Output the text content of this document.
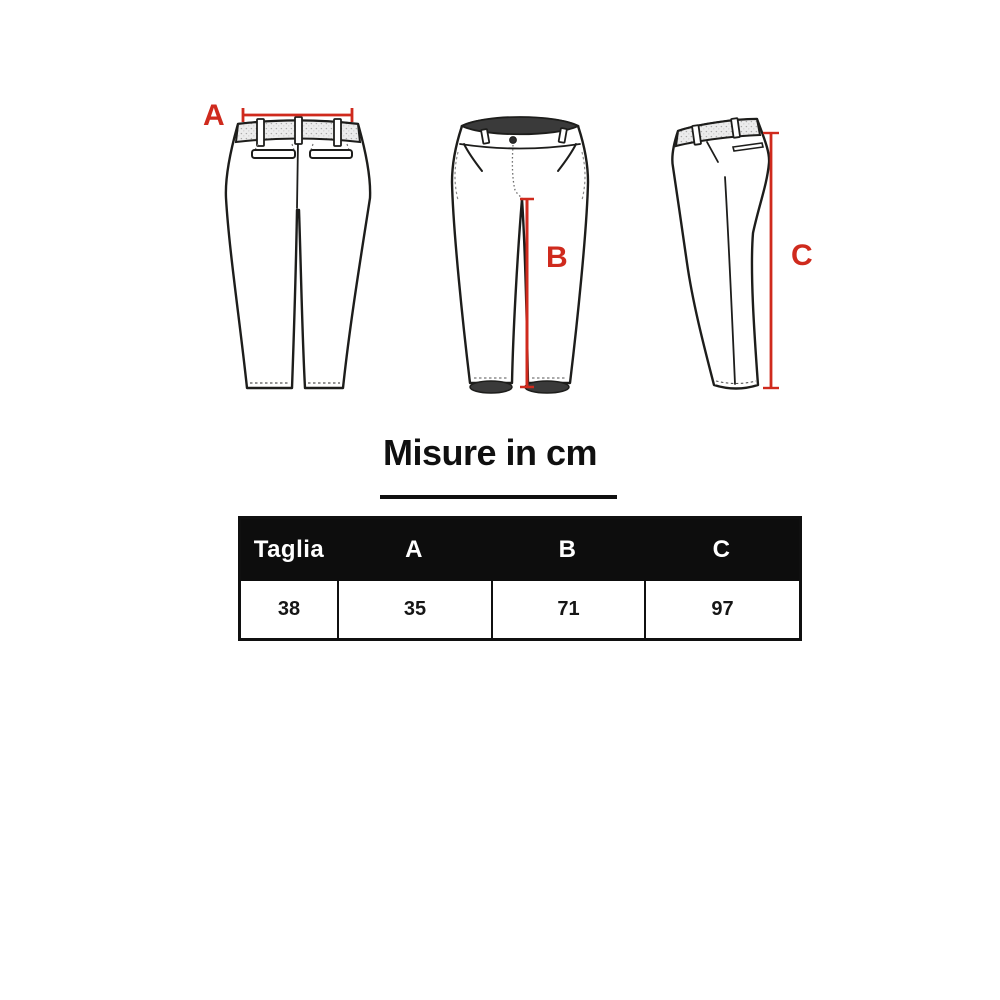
A
B	C
Misure in cm
Taglia	A	B	C
38	35	71	97
